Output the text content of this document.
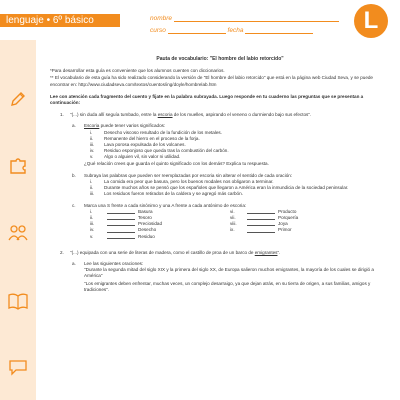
lenguaje • 6º básico	nombre
curso	fecha	L
Pauta de vocabulario: "El hombre del labio retorcido"
*Para desarrollar esta guía es conveniente que los alumnos cuenten con diccionarios.
** El vocabulario de esta guía ha sido realizado considerando la versión de "El hombre del labio retorcido" que está en la página web Ciudad Seva, y se puede encontrar en: http://www.ciudadseva.com/textos/cuentos/ing/doyle/hombrelab.htm
Lee con atención cada fragmento del cuento y fíjate en la palabra subrayada. Luego responde en tu cuaderno las preguntas que se presentan a continuación:
1.	"(...) sin duda allí seguía tumbado, entre la escoria de los muelles, aspirando el veneno o durmiendo bajo sus efectos".
a.	Escoria puede tener varios significados:
i.	Desecho viscoso resultado de la fundición de los metales.
ii.	Remanente del hierro en el proceso de la forja.
iii.	Lava porosa expulsada de los volcanes.
iv.	Residuo esponjoso que queda tras la combustión del carbón.
v.	Algo o alguien vil, sin valor ni utilidad.
¿Qué relación crees que guarda el quinto significado con los demás? Explica tu respuesta.
b.	Subraya las palabras que pueden ser reemplazadas por escoria sin alterar el sentido de cada oración:
i.	La comida era peor que basura, pero los buenos modales nos obligaron a terminar.
ii.	Durante muchos años se pensó que los españoles que llegaron a América eran la inmundicia de la sociedad peninsular.
iii.	Los residuos fueron retirados de la caldera y se agregó más carbón.
c.	Marca una S frente a cada sinónimo y una A frente a cada antónimo de escoria:
i.	Basura	vi.	Producto
ii.	Tesoro	vii.	Porquería
iii.	Preciosidad	viii.	Joya
iv.	Desecho	ix.	Primor
v.	Residuo
2.	"(...) equipada con una serie de literas de madera, como el castillo de proa de un barco de emigrantes".
a.	Lee las siguientes oraciones:
"Durante la segunda mitad del siglo XIX y la primera del siglo XX, de Europa salieron muchos emigrantes, la mayoría de los cuales se dirigió a América"
"Los emigrantes deben enfrentar, muchas veces, un complejo desarraigo, ya que dejan atrás, en su tierra de origen, a sus familias, amigos y tradiciones".
